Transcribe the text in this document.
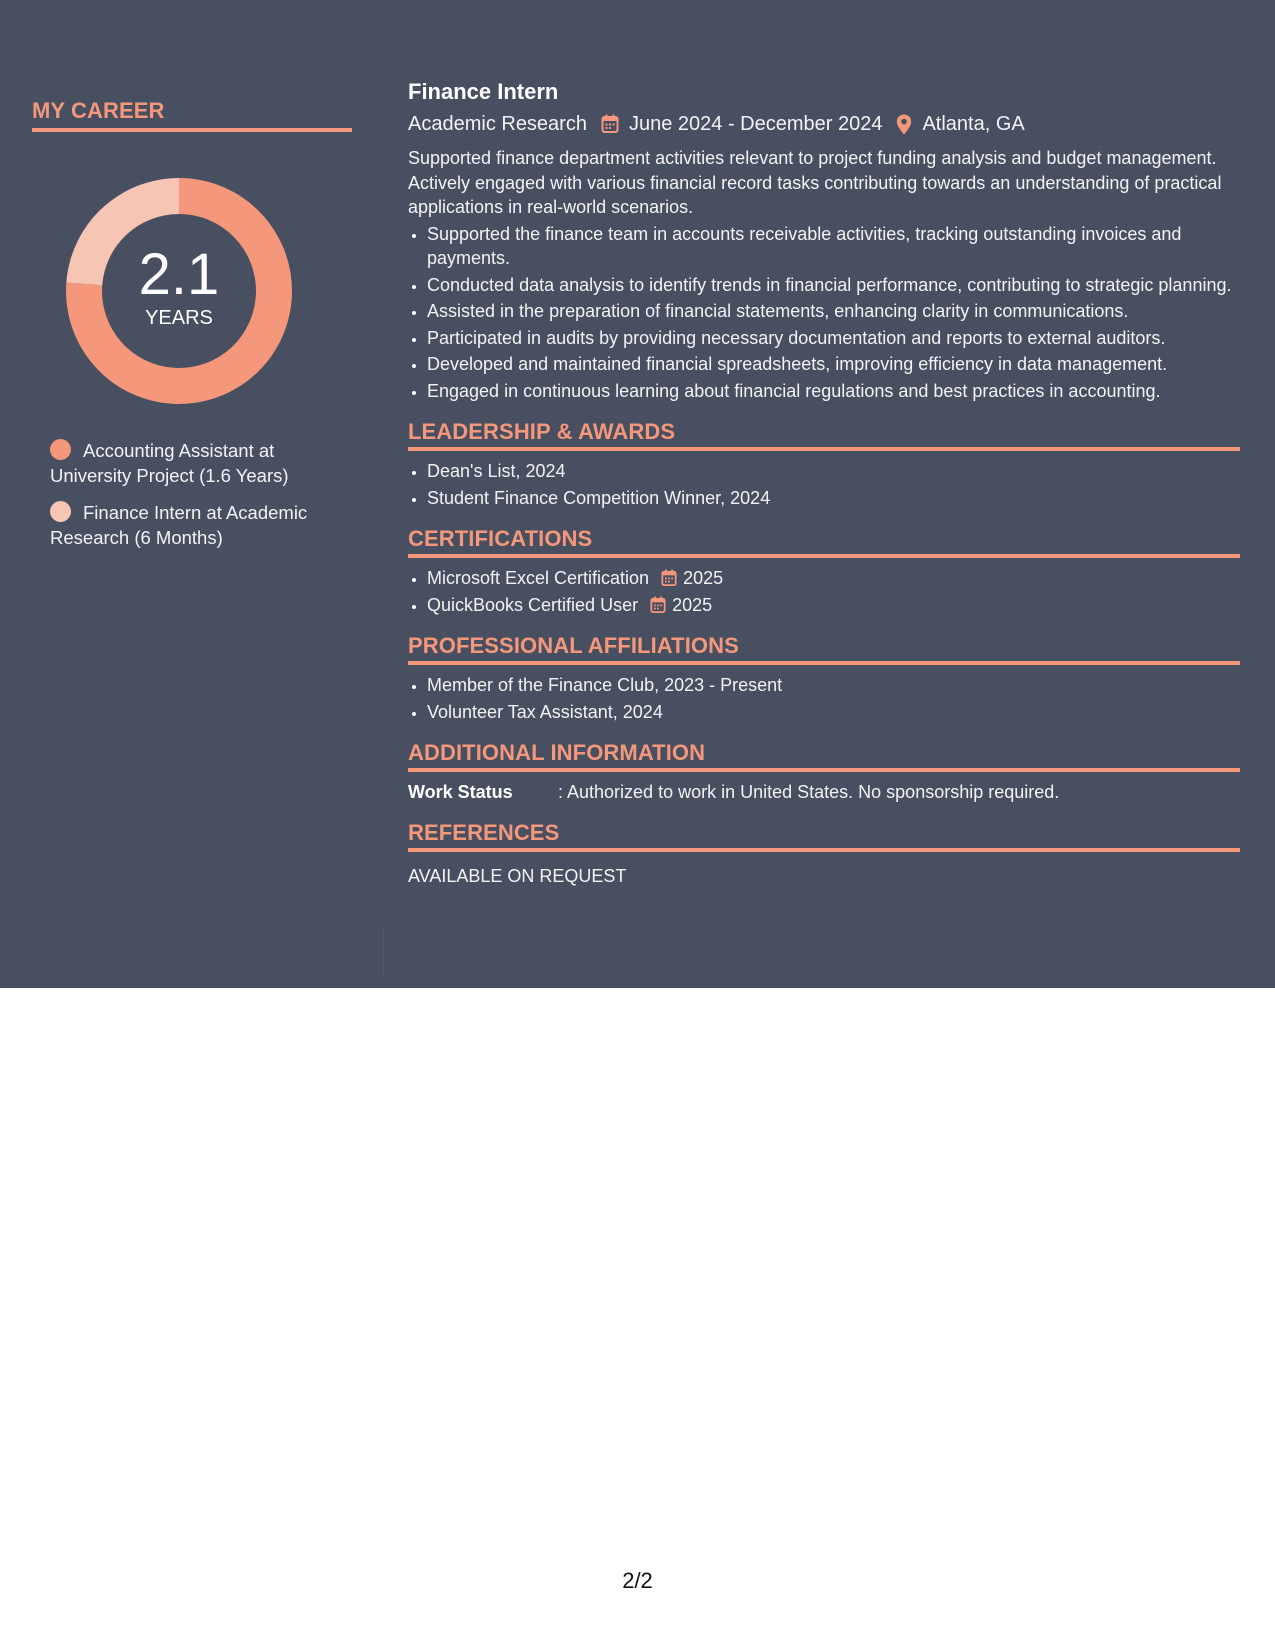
MY CAREER
2.1
YEARS
Accounting Assistant at University Project (1.6 Years)
Finance Intern at Academic Research (6 Months)
Finance Intern
Academic Research June 2024 - December 2024 Atlanta, GA
Supported finance department activities relevant to project funding analysis and budget management. Actively engaged with various financial record tasks contributing towards an understanding of practical applications in real-world scenarios.
• Supported the finance team in accounts receivable activities, tracking outstanding invoices and payments.
• Conducted data analysis to identify trends in financial performance, contributing to strategic planning.
• Assisted in the preparation of financial statements, enhancing clarity in communications.
• Participated in audits by providing necessary documentation and reports to external auditors.
• Developed and maintained financial spreadsheets, improving efficiency in data management.
• Engaged in continuous learning about financial regulations and best practices in accounting.
LEADERSHIP & AWARDS
• Dean's List, 2024
• Student Finance Competition Winner, 2024
CERTIFICATIONS
• Microsoft Excel Certification 2025
• QuickBooks Certified User 2025
PROFESSIONAL AFFILIATIONS
• Member of the Finance Club, 2023 - Present
• Volunteer Tax Assistant, 2024
ADDITIONAL INFORMATION
Work Status	: Authorized to work in United States. No sponsorship required.
REFERENCES
AVAILABLE ON REQUEST
2/2
